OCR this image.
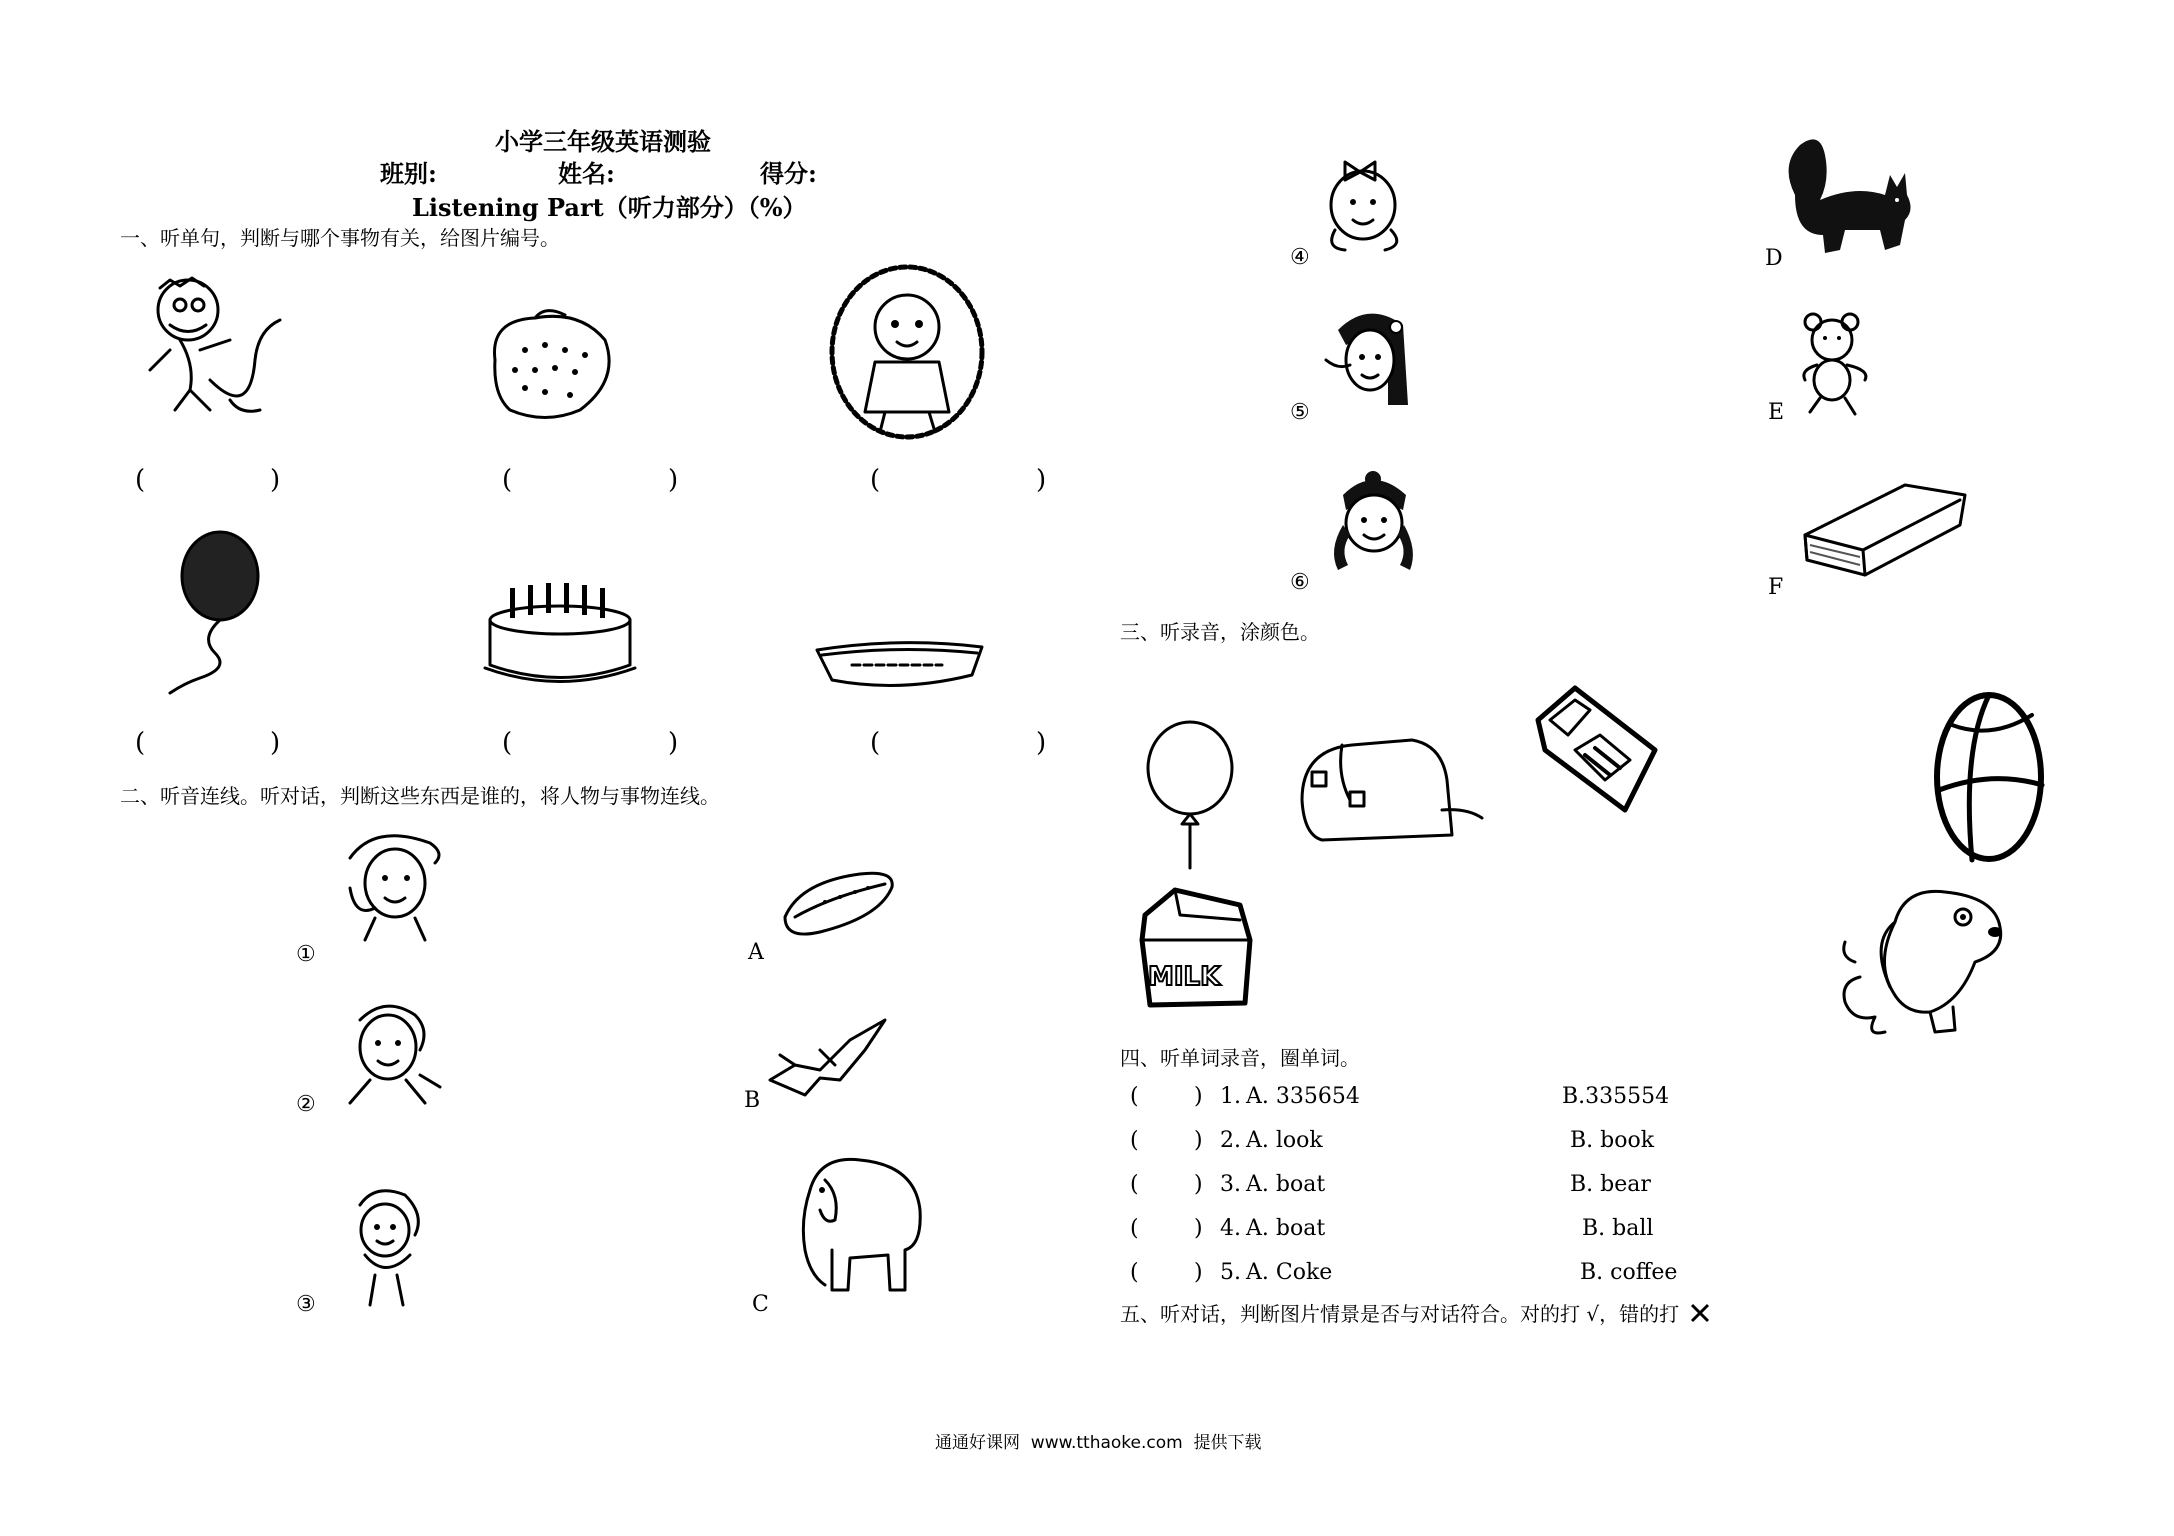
小学三年级英语测验
班别:	姓名:	得分:
Listening Part（听力部分）（%）
一、听单句，判断与哪个事物有关，给图片编号。
(	)	(	)	(	)
(	)	(	)	(	)
二、听音连线。听对话，判断这些东西是谁的，将人物与事物连线。
①
②
③
A
B
C
④
⑤
⑥
D
E
F
三、听录音，涂颜色。
MILK
四、听单词录音，圈单词。
(	) 1. A. 335654	B.335554
(	) 2. A. look	B. book
(	) 3. A. boat	B. bear
(	) 4. A. boat	B. ball
(	) 5. A. Coke	B. coffee
五、听对话，判断图片情景是否与对话符合。对的打 √，错的打
通通好课网  www.tthaoke.com  提供下载
